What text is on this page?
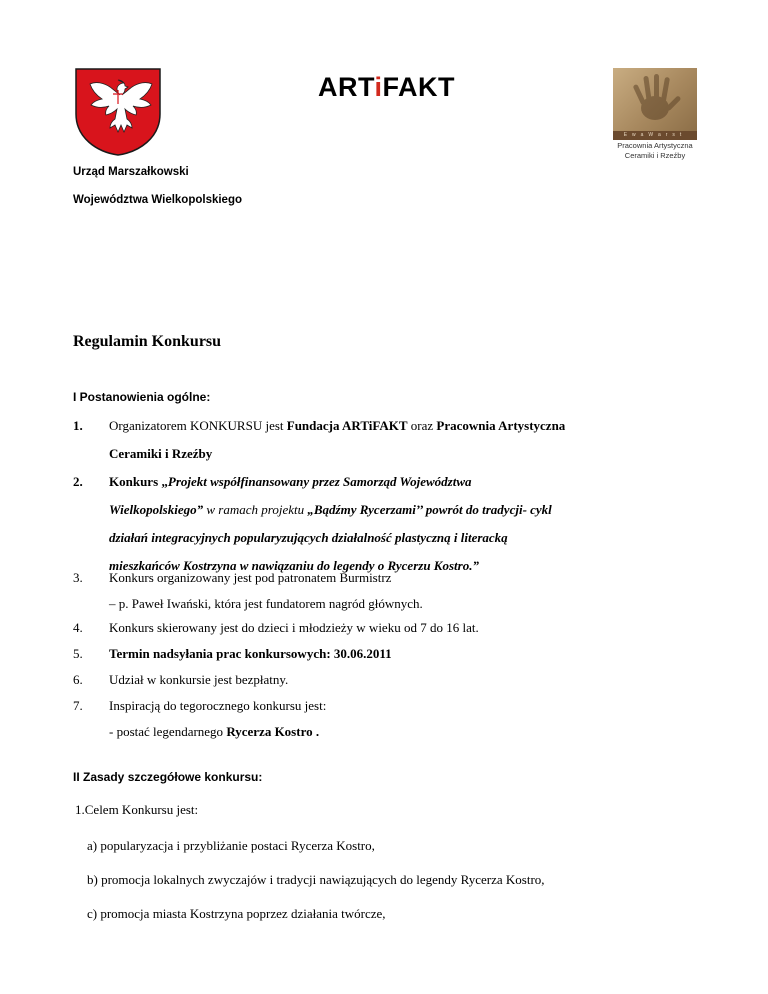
ARTiFAKT
EwaWarst
Pracownia Artystyczna
Ceramiki i Rzeźby
Urząd Marszałkowski
Województwa Wielkopolskiego
Regulamin Konkursu
I Postanowienia ogólne:
1. Organizatorem KONKURSU jest Fundacja ARTiFAKT oraz Pracownia Artystyczna
Ceramiki i Rzeźby
2. Konkurs „Projekt współfinansowany przez Samorząd Województwa
Wielkopolskiego” w ramach projektu „Bądźmy Rycerzami’’ powrót do tradycji- cykl
działań integracyjnych popularyzujących działalność plastyczną i literacką
mieszkańców Kostrzyna w nawiązaniu do legendy o Rycerzu Kostro.”
3. Konkurs organizowany jest pod patronatem Burmistrz
– p. Paweł Iwański, która jest fundatorem nagród głównych.
4. Konkurs skierowany jest do dzieci i młodzieży w wieku od 7 do 16 lat.
5. Termin nadsyłania prac konkursowych: 30.06.2011
6. Udział w konkursie jest bezpłatny.
7. Inspiracją do tegorocznego konkursu jest:
- postać legendarnego Rycerza Kostro .
II Zasady szczegółowe konkursu:
1.Celem Konkursu jest:
a) popularyzacja i przybliżanie postaci Rycerza Kostro,
b) promocja lokalnych zwyczajów i tradycji nawiązujących do legendy Rycerza Kostro,
c) promocja miasta Kostrzyna poprzez działania twórcze,
